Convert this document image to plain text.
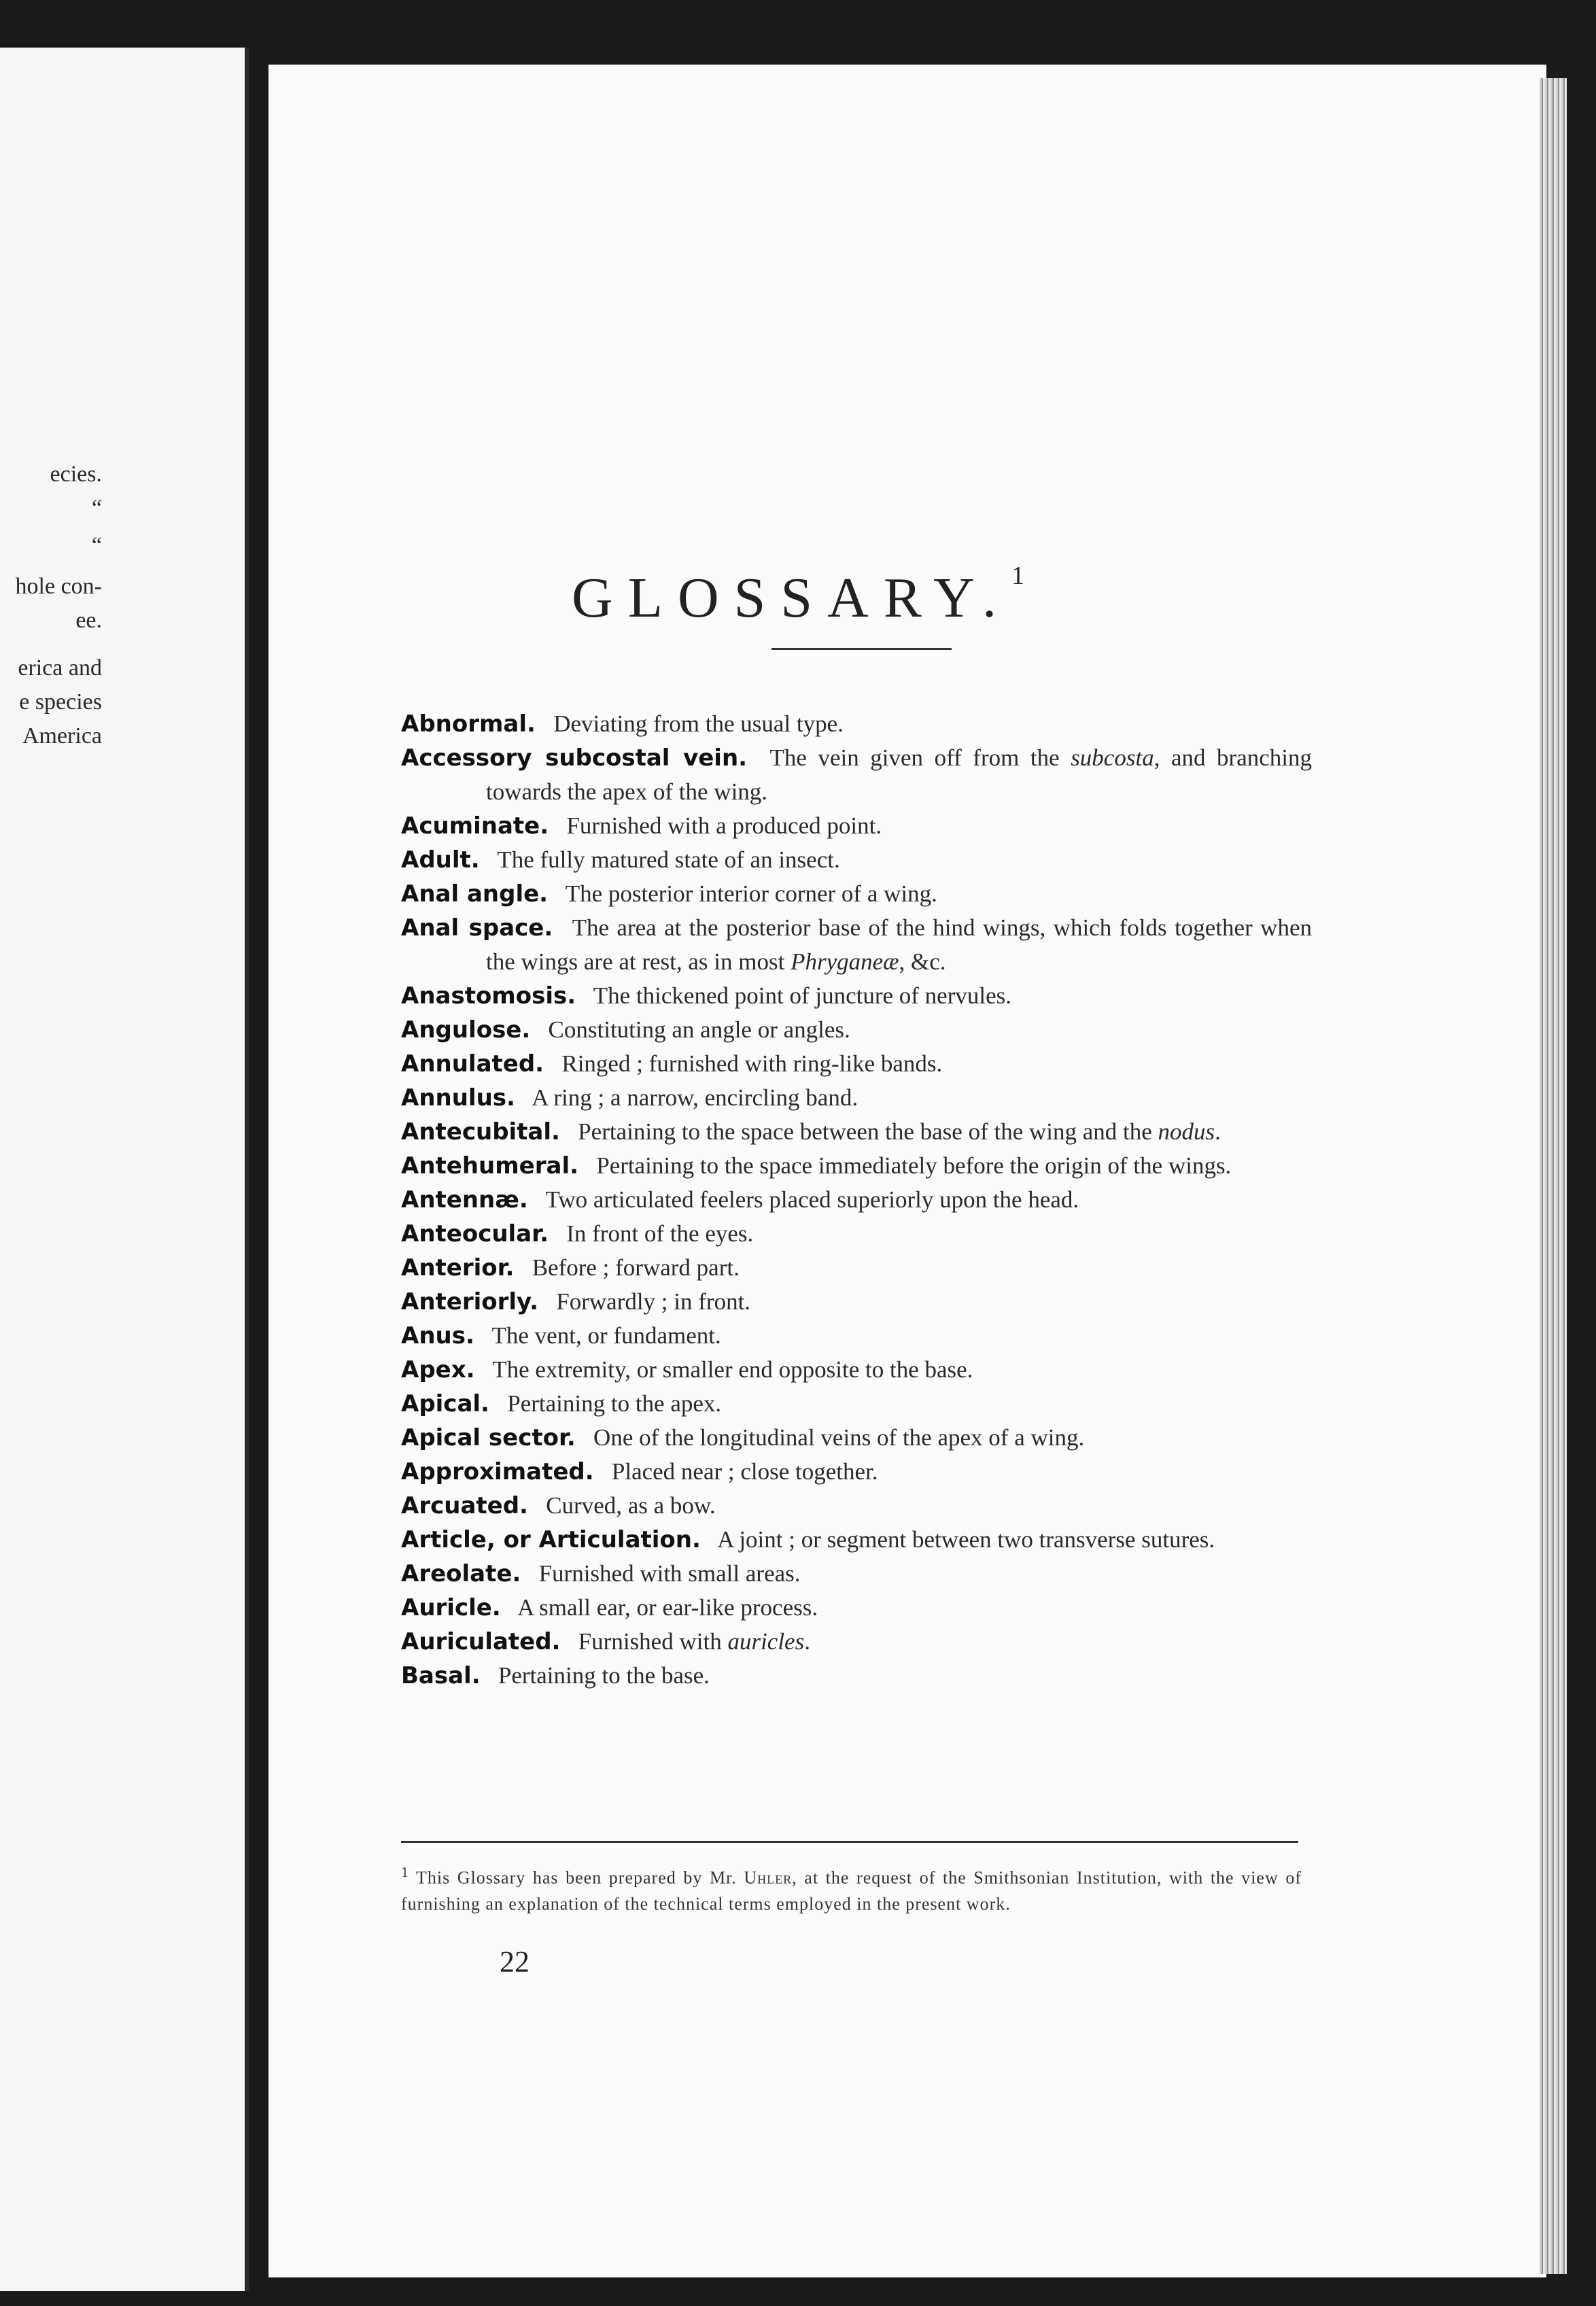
ecies.
“
“
hole con-
ee.
erica and
e species
America
GLOSSARY.$^1$
Abnormal.  Deviating from the usual type.
Accessory subcostal vein.  The vein given off from the subcosta, and branching towards the apex of the wing.
Acuminate.  Furnished with a produced point.
Adult.  The fully matured state of an insect.
Anal angle.  The posterior interior corner of a wing.
Anal space.  The area at the posterior base of the hind wings, which folds together when the wings are at rest, as in most Phryganeæ, &c.
Anastomosis.  The thickened point of juncture of nervules.
Angulose.  Constituting an angle or angles.
Annulated.  Ringed ; furnished with ring-like bands.
Annulus.  A ring ; a narrow, encircling band.
Antecubital.  Pertaining to the space between the base of the wing and the nodus.
Antehumeral.  Pertaining to the space immediately before the origin of the wings.
Antennæ.  Two articulated feelers placed superiorly upon the head.
Anteocular.  In front of the eyes.
Anterior.  Before ; forward part.
Anteriorly.  Forwardly ; in front.
Anus.  The vent, or fundament.
Apex.  The extremity, or smaller end opposite to the base.
Apical.  Pertaining to the apex.
Apical sector.  One of the longitudinal veins of the apex of a wing.
Approximated.  Placed near ; close together.
Arcuated.  Curved, as a bow.
Article, or Articulation.  A joint ; or segment between two transverse sutures.
Areolate.  Furnished with small areas.
Auricle.  A small ear, or ear-like process.
Auriculated.  Furnished with auricles.
Basal.  Pertaining to the base.
$^1$ This Glossary has been prepared by Mr. Uhler, at the request of the Smithsonian Institution, with the view of furnishing an explanation of the technical terms employed in the present work.
22
